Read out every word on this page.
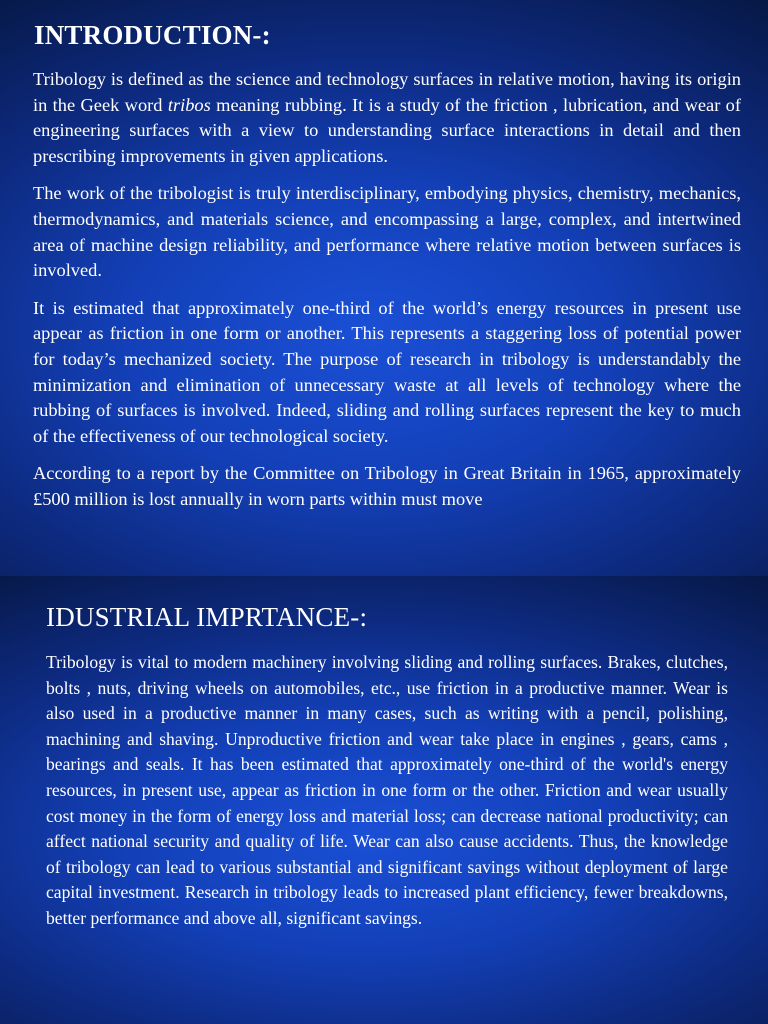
INTRODUCTION-:

Tribology is defined as the science and technology surfaces in relative motion, having its origin in the Geek word tribos meaning rubbing. It is a study of the friction , lubrication, and wear of engineering surfaces with a view to understanding surface interactions in detail and then prescribing improvements in given applications.

The work of the tribologist is truly interdisciplinary, embodying physics, chemistry, mechanics, thermodynamics, and materials science, and encompassing a large, complex, and intertwined area of machine design reliability, and performance where relative motion between surfaces is involved.

It is estimated that approximately one-third of the world’s energy resources in present use appear as friction in one form or another. This represents a staggering loss of potential power for today’s mechanized society. The purpose of research in tribology is understandably the minimization and elimination of unnecessary waste at all levels of technology where the rubbing of surfaces is involved. Indeed, sliding and rolling surfaces represent the key to much of the effectiveness of our technological society.

According to a report by the Committee on Tribology in Great Britain in 1965, approximately £500 million is lost annually in worn parts within must move

IDUSTRIAL IMPRTANCE-:

Tribology is vital to modern machinery involving sliding and rolling surfaces. Brakes, clutches, bolts , nuts, driving wheels on automobiles, etc., use friction in a productive manner. Wear is also used in a productive manner in many cases, such as writing with a pencil, polishing, machining and shaving. Unproductive friction and wear take place in engines , gears, cams , bearings and seals. It has been estimated that approximately one-third of the world's energy resources, in present use, appear as friction in one form or the other. Friction and wear usually cost money in the form of energy loss and material loss; can decrease national productivity; can affect national security and quality of life. Wear can also cause accidents. Thus, the knowledge of tribology can lead to various substantial and significant savings without deployment of large capital investment. Research in tribology leads to increased plant efficiency, fewer breakdowns, better performance and above all, significant savings.
